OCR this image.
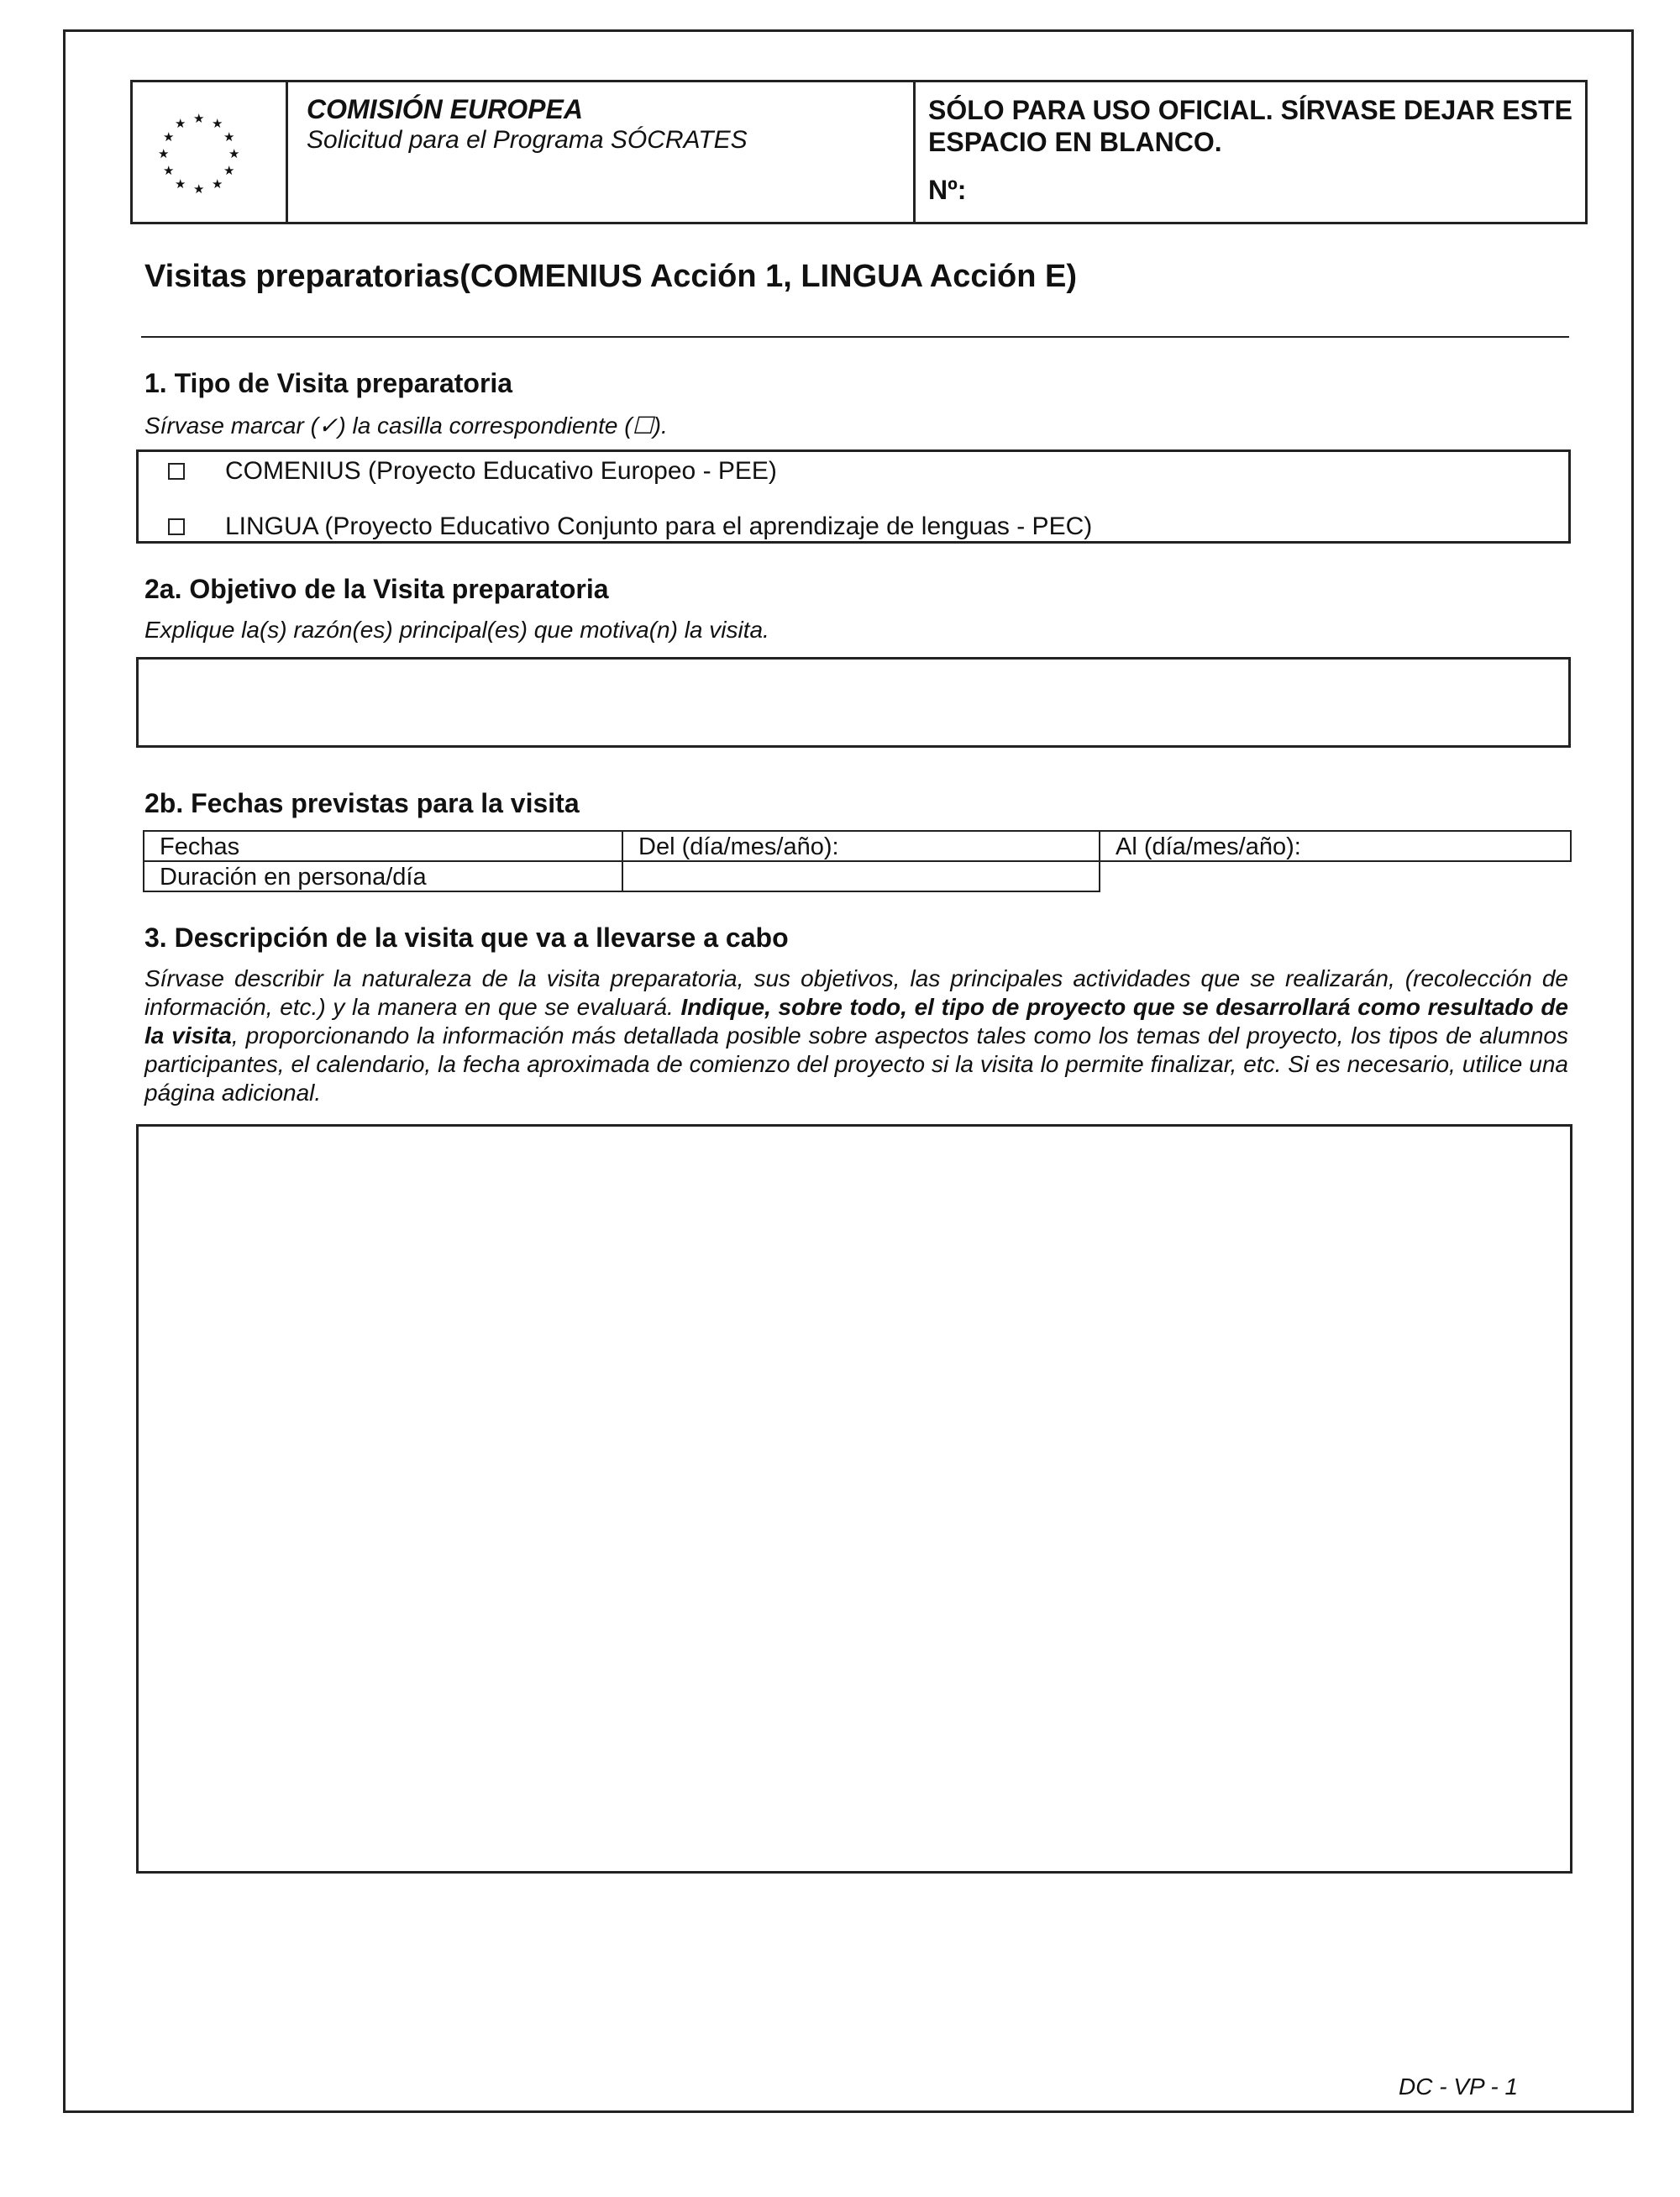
★ ★
★
★
★
★
★
★
★
★
★
★	COMISIÓN EUROPEA
Solicitud para el Programa SÓCRATES
SÓLO PARA USO OFICIAL. SÍRVASE DEJAR ESTE ESPACIO EN BLANCO.
Nº:
Visitas preparatorias(COMENIUS Acción 1, LINGUA Acción E)
1. Tipo de Visita preparatoria
Sírvase marcar (✓) la casilla correspondiente (☐).
COMENIUS (Proyecto Educativo Europeo - PEE)
LINGUA (Proyecto Educativo Conjunto para el aprendizaje de lenguas - PEC)
2a. Objetivo de la Visita preparatoria
Explique la(s) razón(es) principal(es) que motiva(n) la visita.
2b. Fechas previstas para la visita
Fechas	Del (día/mes/año):	Al (día/mes/año):
Duración en persona/día
3. Descripción de la visita que va a llevarse a cabo
Sírvase describir la naturaleza de la visita preparatoria, sus objetivos, las principales actividades que se realizarán, (recolección de información, etc.) y la manera en que se evaluará. Indique, sobre todo, el tipo de proyecto que se desarrollará como resultado de la visita, proporcionando la información más detallada posible sobre aspectos tales como los temas del proyecto, los tipos de alumnos participantes, el calendario, la fecha aproximada de comienzo del proyecto si la visita lo permite finalizar, etc. Si es necesario, utilice una página adicional.
DC - VP - 1
